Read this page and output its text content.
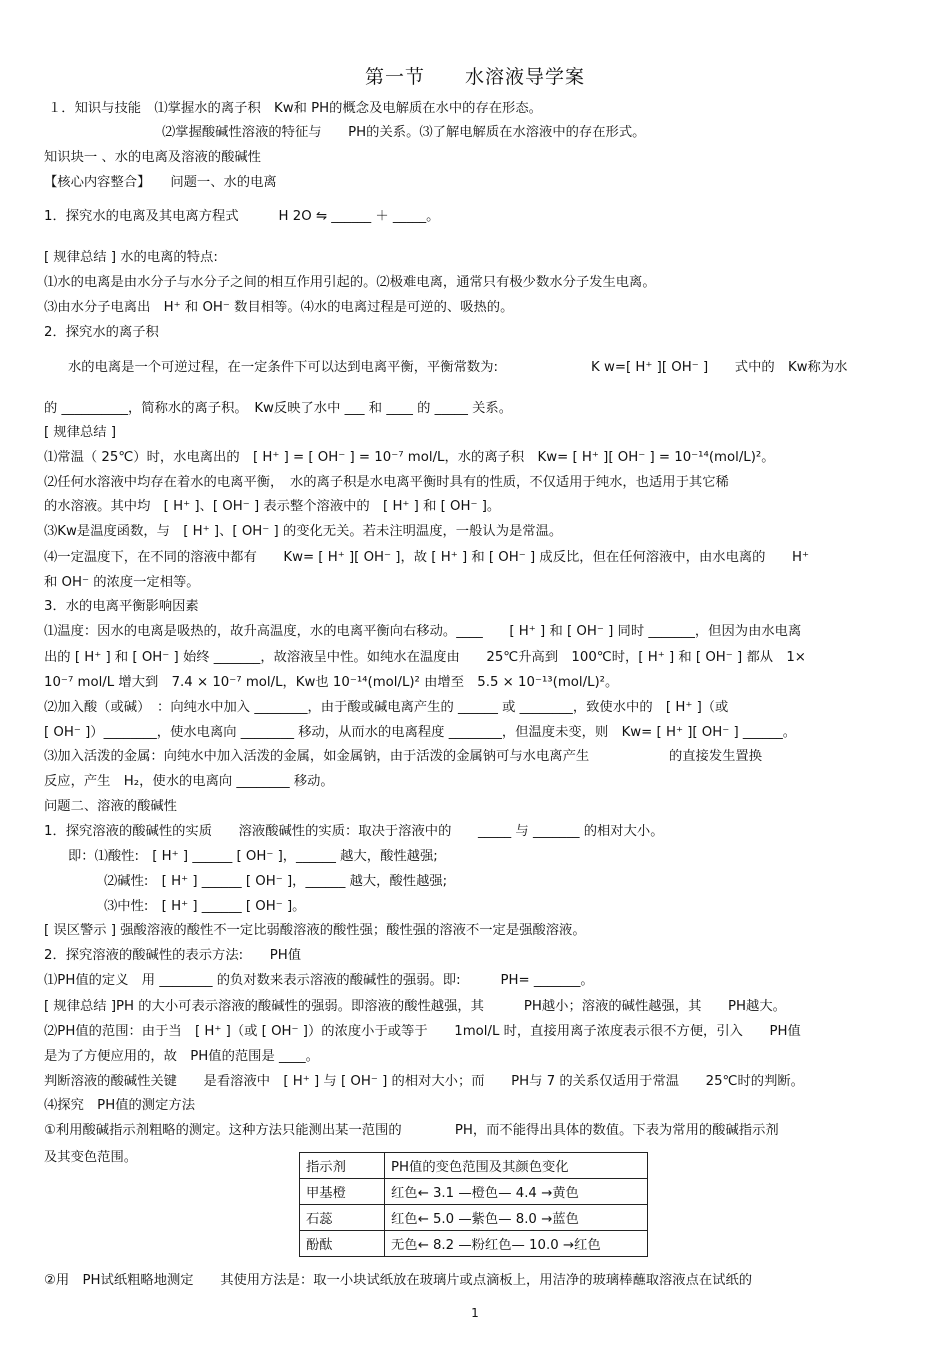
第一节　　水溶液导学案
１．知识与技能　⑴掌握水的离子积　Kw和 PH的概念及电解质在水中的存在形态。
⑵掌握酸碱性溶液的特征与　　PH的关系。⑶了解电解质在水溶液中的存在形式。
知识块一 、水的电离及溶液的酸碱性
【核心内容整合】　　问题一、水的电离
1．探究水的电离及其电离方程式　　　H 2O ⇋ ______ ＋ _____。
[ 规律总结 ] 水的电离的特点:
⑴水的电离是由水分子与水分子之间的相互作用引起的。⑵极难电离，通常只有极少数水分子发生电离。
⑶由水分子电离出　H⁺ 和 OH⁻ 数目相等。⑷水的电离过程是可逆的、吸热的。
2．探究水的离子积
水的电离是一个可逆过程，在一定条件下可以达到电离平衡，平衡常数为:　　　　　　　K w=[ H⁺ ][ OH⁻ ]　　式中的　Kw称为水
的 __________，简称水的离子积。　Kw反映了水中 ___ 和 ____ 的 _____ 关系。
[ 规律总结 ]
⑴常温（ 25℃）时，水电离出的　[ H⁺ ] = [ OH⁻ ] = 10⁻⁷ mol/L，水的离子积　Kw= [ H⁺ ][ OH⁻ ] = 10⁻¹⁴(mol/L)²。
⑵任何水溶液中均存在着水的电离平衡，　水的离子积是水电离平衡时具有的性质，不仅适用于纯水，也适用于其它稀
的水溶液。其中均　[ H⁺ ]、[ OH⁻ ] 表示整个溶液中的　[ H⁺ ] 和 [ OH⁻ ]。
⑶Kw是温度函数，与　[ H⁺ ]、[ OH⁻ ] 的变化无关。若未注明温度，一般认为是常温。
⑷一定温度下，在不同的溶液中都有　　Kw= [ H⁺ ][ OH⁻ ]，故 [ H⁺ ] 和 [ OH⁻ ] 成反比，但在任何溶液中，由水电离的　　H⁺
和 OH⁻ 的浓度一定相等。
3．水的电离平衡影响因素
⑴温度：因水的电离是吸热的，故升高温度，水的电离平衡向右移动。____　　[ H⁺ ] 和 [ OH⁻ ] 同时 _______，但因为由水电离
出的 [ H⁺ ] 和 [ OH⁻ ] 始终 _______，故溶液呈中性。如纯水在温度由　　25℃升高到　100℃时，[ H⁺ ] 和 [ OH⁻ ] 都从　1×
10⁻⁷ mol/L 增大到　7.4 × 10⁻⁷ mol/L，Kw也 10⁻¹⁴(mol/L)² 由增至　5.5 × 10⁻¹³(mol/L)²。
⑵加入酸（或碱）　：向纯水中加入 ________，由于酸或碱电离产生的 ______ 或 ________，致使水中的　[ H⁺ ]（或
[ OH⁻ ]）________，使水电离向 ________ 移动，从而水的电离程度 ________，但温度未变，则　Kw= [ H⁺ ][ OH⁻ ] ______。
⑶加入活泼的金属：向纯水中加入活泼的金属，如金属钠，由于活泼的金属钠可与水电离产生　　　　　　的直接发生置换
反应，产生　H₂，使水的电离向 ________ 移动。
问题二、溶液的酸碱性
1．探究溶液的酸碱性的实质　　溶液酸碱性的实质：取决于溶液中的　　_____ 与 _______ 的相对大小。
即：⑴酸性:　[ H⁺ ] ______ [ OH⁻ ]，______ 越大，酸性越强;
⑵碱性:　[ H⁺ ] ______ [ OH⁻ ]，______ 越大，酸性越强;
⑶中性:　[ H⁺ ] ______ [ OH⁻ ]。
[ 误区警示 ] 强酸溶液的酸性不一定比弱酸溶液的酸性强；酸性强的溶液不一定是强酸溶液。
2．探究溶液的酸碱性的表示方法:　　PH值
⑴PH值的定义　用 ________ 的负对数来表示溶液的酸碱性的强弱。即:　　　PH= _______。
[ 规律总结 ]PH 的大小可表示溶液的酸碱性的强弱。即溶液的酸性越强，其　　　PH越小；溶液的碱性越强，其　　PH越大。
⑵PH值的范围：由于当　[ H⁺ ]（或 [ OH⁻ ]）的浓度小于或等于　　1mol/L 时，直接用离子浓度表示很不方便，引入　　PH值
是为了方便应用的，故　PH值的范围是 ____。
判断溶液的酸碱性关键　　是看溶液中　[ H⁺ ] 与 [ OH⁻ ] 的相对大小；而　　PH与 7 的关系仅适用于常温　　25℃时的判断。
⑷探究　PH值的测定方法
①利用酸碱指示剂粗略的测定。这种方法只能测出某一范围的　　　　PH，而不能得出具体的数值。下表为常用的酸碱指示剂
及其变色范围。
②用　PH试纸粗略地测定　　其使用方法是：取一小块试纸放在玻璃片或点滴板上，用洁净的玻璃棒蘸取溶液点在试纸的
指示剂	PH值的变色范围及其颜色变化
甲基橙	红色← 3.1 —橙色— 4.4 →黄色
石蕊	红色← 5.0 —紫色— 8.0 →蓝色
酚酞	无色← 8.2 —粉红色— 10.0 →红色
1
